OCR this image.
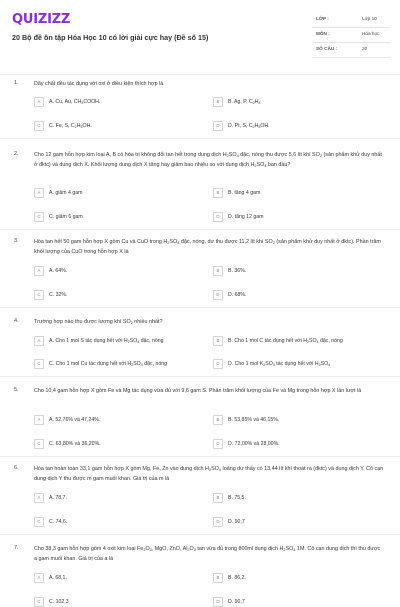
QUIZIZZ
20 Bộ đề ôn tập Hóa Học 10 có lời giải cực hay (Đề số 15)
LỚP :	Lớp 10
MÔN :	Hóa học
SỐ CÂU :	20
1.	Dãy chất đều tác dụng với oxi ở điều kiện thích hợp là
A	A. Cu, Au, $CH_3COOH$.	B	B. Ag, P, $C_2H_4$
C	C. Fe, S, $C_2H_5OH$.	D	D. Pt, S, $C_2H_5OH$.
2.	Cho 12 gam hỗn hợp kim loại A, B có hóa trị không đổi tan hết trong dung dịch $H_2SO_4$ đặc, nóng thu được 5,6 lít khí $SO_2$ (sản phẩm khử duy nhất ở đktc) và dung dịch X. Khối lượng dung dịch X tăng hay giảm bao nhiêu so với dung dịch $H_2SO_4$ ban đầu?
A	A. giảm 4 gam	B	B. tăng 4 gam
C	C. giảm 6 gam	D	D. tăng 12 gam
3.	Hòa tan hết 50 gam hỗn hợp X gồm Cu và CuO trong $H_2SO_4$ đặc, nóng, dư thu được 11,2 lít khí $SO_2$ (sản phẩm khử duy nhất ở đktc). Phần trăm khối lượng của CuO trong hỗn hợp X là
A	A. 64%.	B	B. 36%.
C	C. 32%.	D	D. 68%.
4.	Trường hợp nào thu được lượng khí $SO_2$ nhiều nhất?
A	A. Cho 1 mol S tác dụng hết với $H_2SO_4$ đặc, nóng	B	B. Cho 1 mol C tác dụng hết với $H_2SO_4$ đặc, nóng
C	C. Cho 1 mol Cu tác dụng hết với $H_2SO_4$ đặc, nóng	D	D. Cho 1 mol $K_2SO_3$ tác dụng hết với $H_2SO_4$
5.	Cho 10,4 gam hỗn hợp X gồm Fe và Mg tác dụng vừa đủ với 9,6 gam S. Phần trăm khối lượng của Fe và Mg trong hỗn hợp X lần lượt là
A	A. 52,76% và 47,24%.	B	B. 53,85% và 46,15%.
C	C. 63,80% và 36,20%.	D	D. 72,00% và 28,00%.
6.	Hòa tan hoàn toàn 33,1 gam hỗn hợp X gồm Mg, Fe, Zn vào dung dịch $H_2SO_4$ loãng dư thấy có 13,44 lít khí thoát ra (đktc) và dung dịch Y. Cô cạn dung dịch Y thu được m gam muối khan. Giá trị của m là
A	A. 78,7.	B	B. 75,5.
C	C. 74,6.	D	D. 90,7
7.	Cho 38,3 gam hỗn hợp gồm 4 oxit kim loại $Fe_2O_3$, MgO, ZnO, $Al_2O_3$ tan vừa đủ trong 800ml dung dịch $H_2SO_4$ 1M. Cô cạn dung dịch thì thu được a gam muối khan. Giá trị của a là
A	A. 68,1.	B	B. 86,2.
C	C. 102,3	D	D. 90,7
